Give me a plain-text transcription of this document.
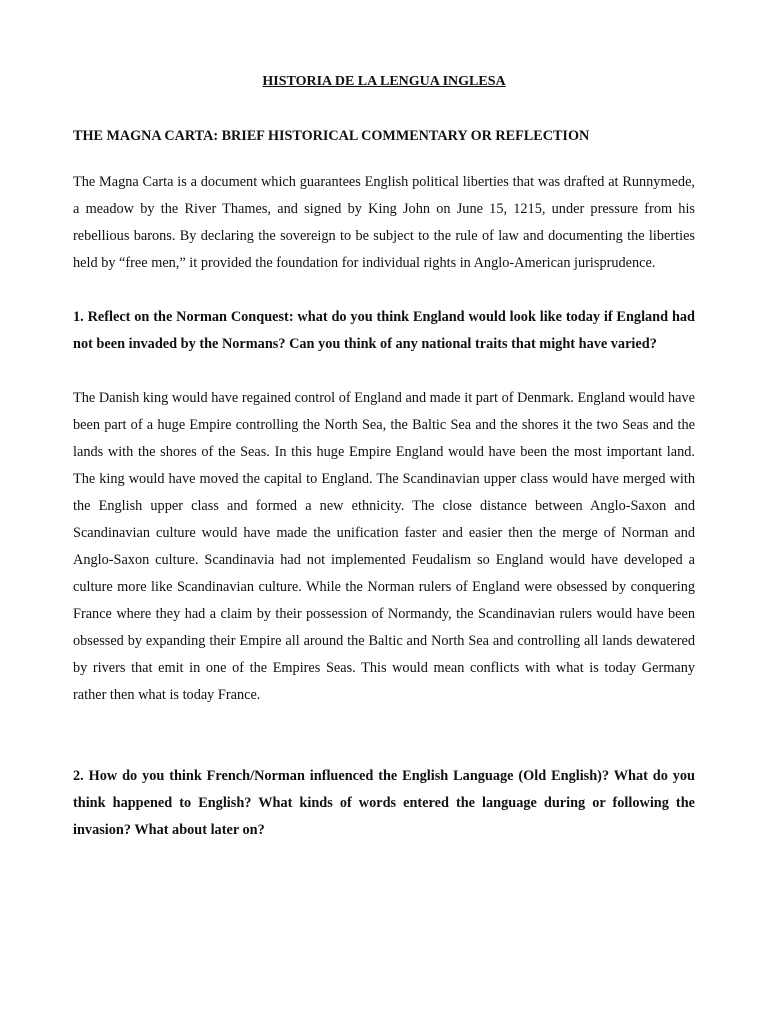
HISTORIA DE LA LENGUA INGLESA

THE MAGNA CARTA: BRIEF HISTORICAL COMMENTARY OR REFLECTION

The Magna Carta is a document which guarantees English political liberties that was drafted at Runnymede, a meadow by the River Thames, and signed by King John on June 15, 1215, under pressure from his rebellious barons. By declaring the sovereign to be subject to the rule of law and documenting the liberties held by “free men,” it provided the foundation for individual rights in Anglo-American jurisprudence.

1. Reflect on the Norman Conquest: what do you think England would look like today if England had not been invaded by the Normans? Can you think of any national traits that might have varied?

The Danish king would have regained control of England and made it part of Denmark. England would have been part of a huge Empire controlling the North Sea, the Baltic Sea and the shores it the two Seas and the lands with the shores of the Seas. In this huge Empire England would have been the most important land. The king would have moved the capital to England. The Scandinavian upper class would have merged with the English upper class and formed a new ethnicity. The close distance between Anglo-Saxon and Scandinavian culture would have made the unification faster and easier then the merge of Norman and Anglo-Saxon culture. Scandinavia had not implemented Feudalism so England would have developed a culture more like Scandinavian culture. While the Norman rulers of England were obsessed by conquering France where they had a claim by their possession of Normandy, the Scandinavian rulers would have been obsessed by expanding their Empire all around the Baltic and North Sea and controlling all lands dewatered by rivers that emit in one of the Empires Seas. This would mean conflicts with what is today Germany rather then what is today France.

2. How do you think French/Norman influenced the English Language (Old English)? What do you think happened to English? What kinds of words entered the language during or following the invasion? What about later on?
